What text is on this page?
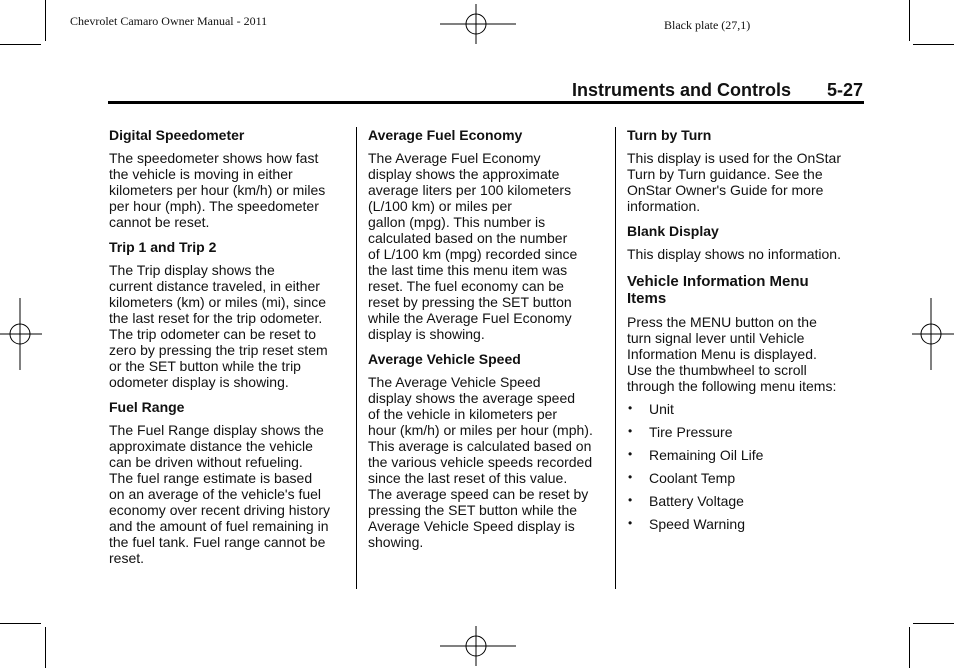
Chevrolet Camaro Owner Manual - 2011	Black plate (27,1)
Instruments and Controls 5-27
Digital Speedometer

The speedometer shows how fast
the vehicle is moving in either
kilometers per hour (km/h) or miles
per hour (mph). The speedometer
cannot be reset.

Trip 1 and Trip 2

The Trip display shows the
current distance traveled, in either
kilometers (km) or miles (mi), since
the last reset for the trip odometer.
The trip odometer can be reset to
zero by pressing the trip reset stem
or the SET button while the trip
odometer display is showing.

Fuel Range

The Fuel Range display shows the
approximate distance the vehicle
can be driven without refueling.
The fuel range estimate is based
on an average of the vehicle's fuel
economy over recent driving history
and the amount of fuel remaining in
the fuel tank. Fuel range cannot be
reset.

Average Fuel Economy

The Average Fuel Economy
display shows the approximate
average liters per 100 kilometers
(L/100 km) or miles per
gallon (mpg). This number is
calculated based on the number
of L/100 km (mpg) recorded since
the last time this menu item was
reset. The fuel economy can be
reset by pressing the SET button
while the Average Fuel Economy
display is showing.

Average Vehicle Speed

The Average Vehicle Speed
display shows the average speed
of the vehicle in kilometers per
hour (km/h) or miles per hour (mph).
This average is calculated based on
the various vehicle speeds recorded
since the last reset of this value.
The average speed can be reset by
pressing the SET button while the
Average Vehicle Speed display is
showing.

Turn by Turn

This display is used for the OnStar
Turn by Turn guidance. See the
OnStar Owner's Guide for more
information.

Blank Display

This display shows no information.

Vehicle Information Menu
Items

Press the MENU button on the
turn signal lever until Vehicle
Information Menu is displayed.
Use the thumbwheel to scroll
through the following menu items:

• Unit
• Tire Pressure
• Remaining Oil Life
• Coolant Temp
• Battery Voltage
• Speed Warning
